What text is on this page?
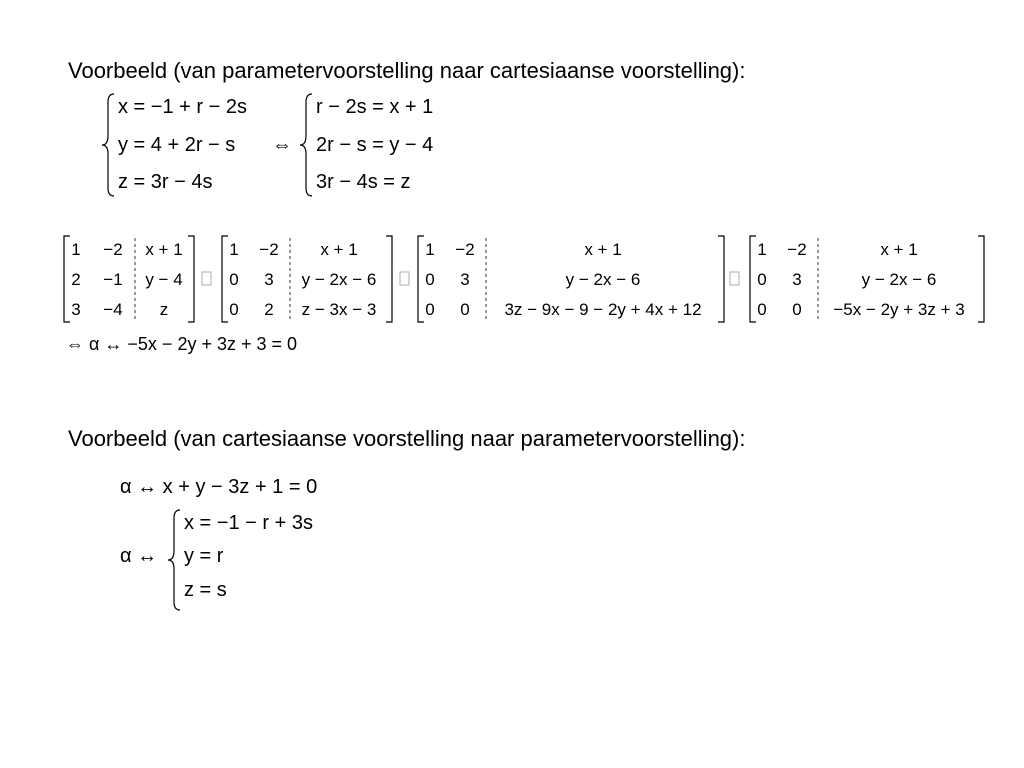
Voorbeeld (van parametervoorstelling naar cartesiaanse voorstelling):
x = −1 + r − 2s
y = 4 + 2r − s
z = 3r − 4s
⇔
r − 2s = x + 1
2r − s = y − 4
3r − 4s = z
1	−2	x + 1
2	−1	y − 4
3	−4	z
1	−2	x + 1
0	3	y − 2x − 6
0	2	z − 3x − 3
1	−2	x + 1
0	3	y − 2x − 6
0	0	3z − 9x − 9 − 2y + 4x + 12
1	−2	x + 1
0	3	y − 2x − 6
0	0	−5x − 2y + 3z + 3
⇔ α ↔ −5x − 2y + 3z + 3 = 0
Voorbeeld (van cartesiaanse voorstelling naar parametervoorstelling):
α ↔ x + y − 3z + 1 = 0
α ↔
x = −1 − r + 3s
y = r
z = s
